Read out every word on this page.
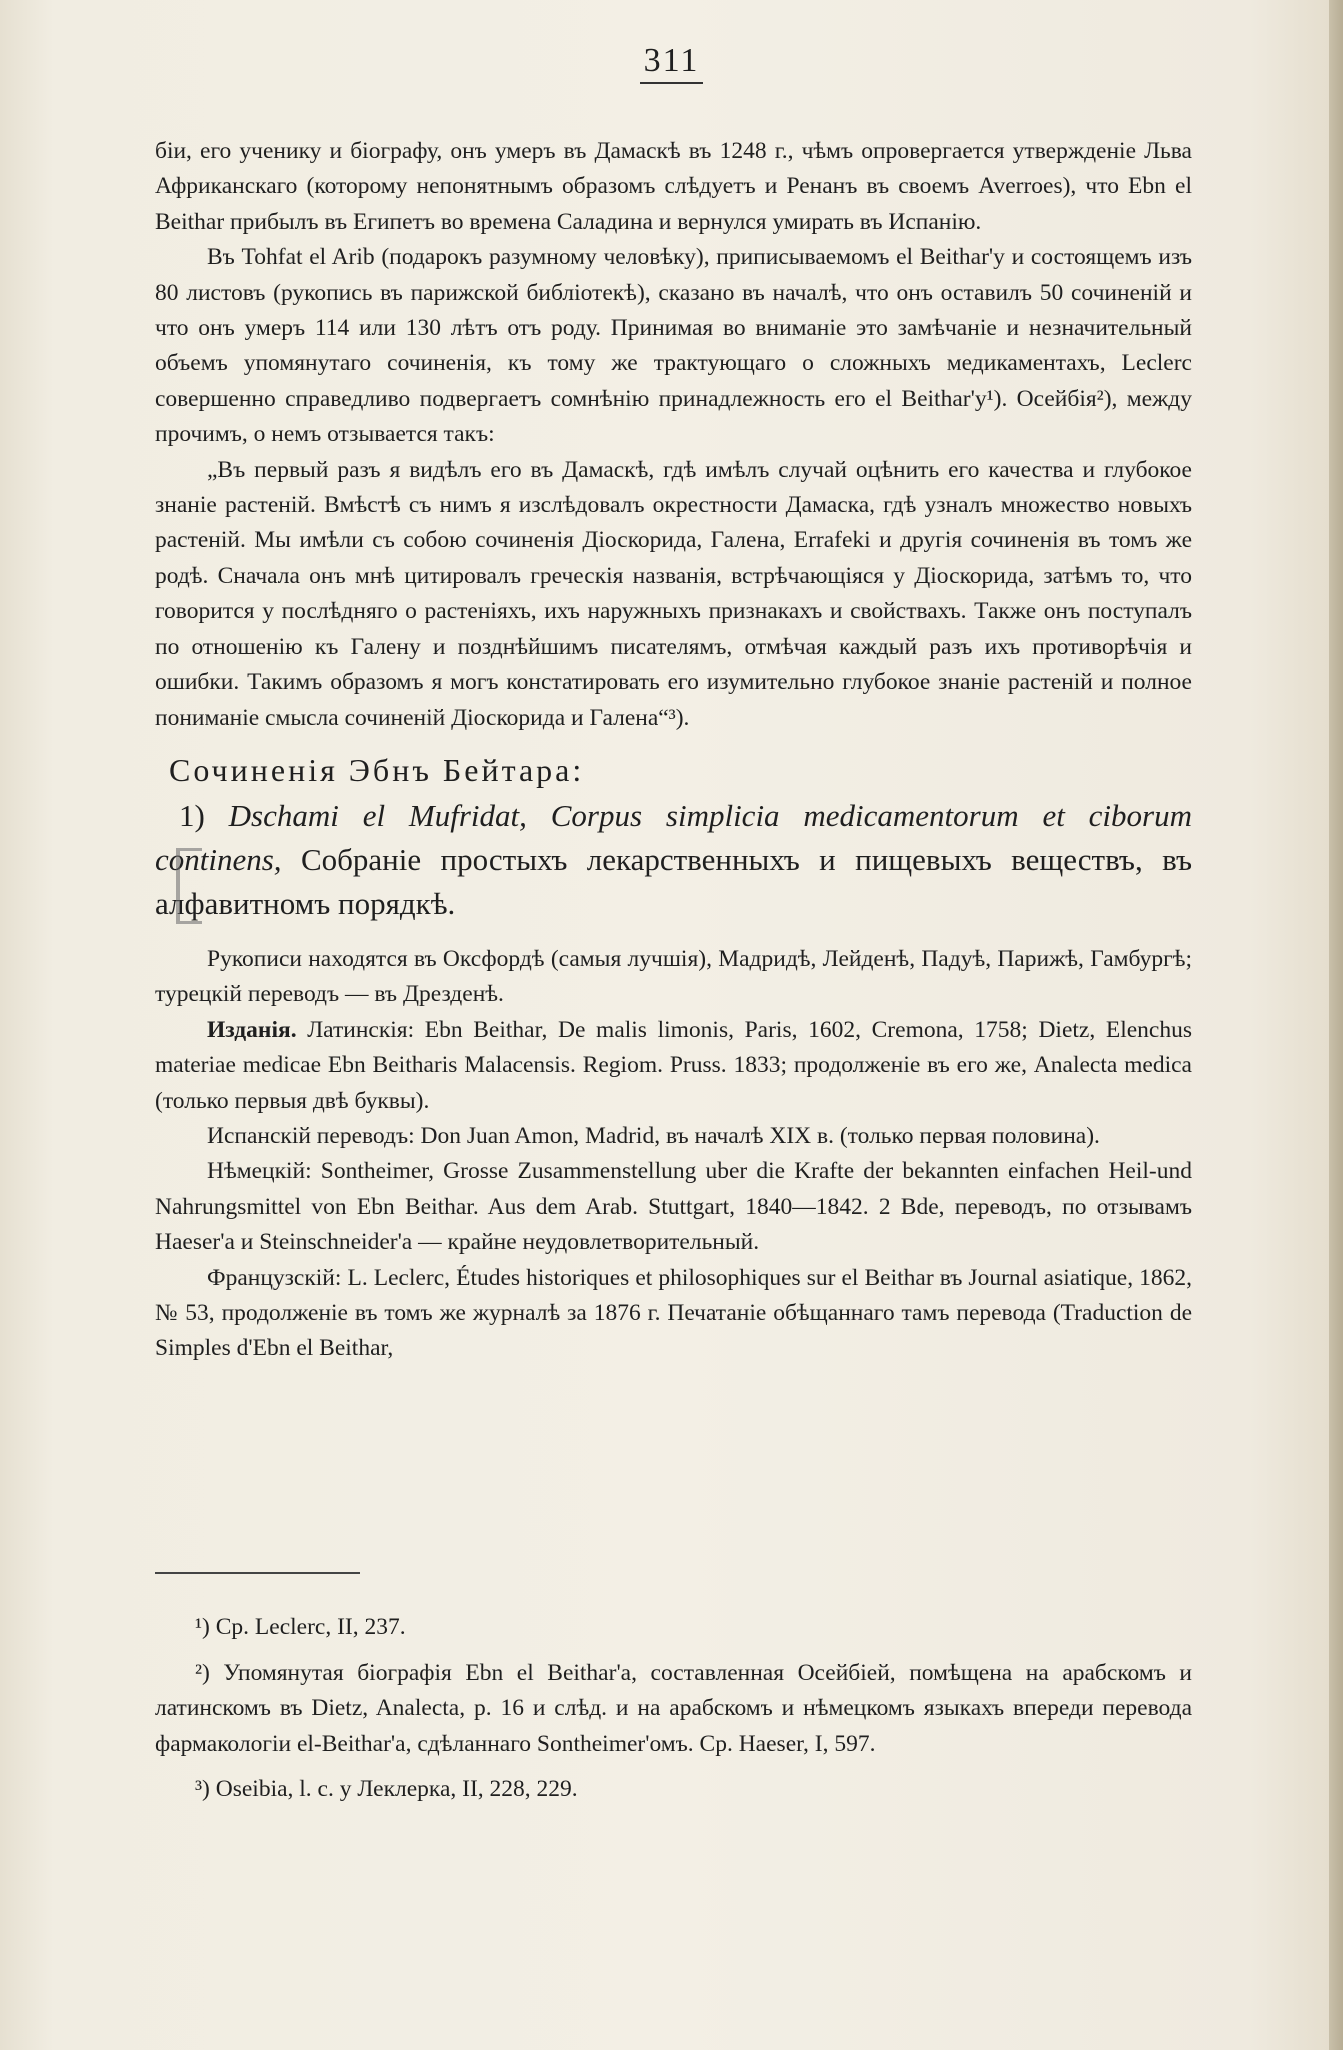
311

бiи, его ученику и бiографу, онъ умеръ въ Дамаскѣ въ 1248 г., чѣмъ опровергается утвержденiе Льва Африканскаго (которому непонятнымъ образомъ слѣдуетъ и Ренанъ въ своемъ Averroes), что Ebn el Beithar прибылъ въ Египетъ во времена Саладина и вернулся умирать въ Испанiю.

Въ Tohfat el Arib (подарокъ разумному человѣку), приписываемомъ el Beithar'у и состоящемъ изъ 80 листовъ (рукопись въ парижской библiотекѣ), сказано въ началѣ, что онъ оставилъ 50 сочиненiй и что онъ умеръ 114 или 130 лѣтъ отъ роду. Принимая во вниманiе это замѣчанiе и незначительный объемъ упомянутаго сочиненiя, къ тому же трактующаго о сложныхъ медикаментахъ, Leclerc совершенно справедливо подвергаетъ сомнѣнiю принадлежность его el Beithar'у¹). Осейбiя²), между прочимъ, о немъ отзывается такъ:

„Въ первый разъ я видѣлъ его въ Дамаскѣ, гдѣ имѣлъ случай оцѣнить его качества и глубокое знанiе растенiй. Вмѣстѣ съ нимъ я изслѣдовалъ окрестности Дамаска, гдѣ узналъ множество новыхъ растенiй. Мы имѣли съ собою сочиненiя Дiоскорида, Галена, Errafeki и другiя сочиненiя въ томъ же родѣ. Сначала онъ мнѣ цитировалъ греческiя названiя, встрѣчающiяся у Дiоскорида, затѣмъ то, что говорится у послѣдняго о растенiяхъ, ихъ наружныхъ признакахъ и свойствахъ. Также онъ поступалъ по отношенiю къ Галену и позднѣйшимъ писателямъ, отмѣчая каждый разъ ихъ противорѣчiя и ошибки. Такимъ образомъ я могъ констатировать его изумительно глубокое знанiе растенiй и полное пониманiе смысла сочиненiй Дiоскорида и Галена“³).

Сочиненiя Эбнъ Бейтара:

1) Dschami el Mufridat, Corpus simplicia medicamentorum et ciborum continens, Собранiе простыхъ лекарственныхъ и пищевыхъ веществъ, въ алфавитномъ порядкѣ.

Рукописи находятся въ Оксфордѣ (самыя лучшiя), Мадридѣ, Лейденѣ, Падуѣ, Парижѣ, Гамбургѣ; турецкiй переводъ — въ Дрезденѣ.

Изданiя. Латинскiя: Ebn Beithar, De malis limonis, Paris, 1602, Cremona, 1758; Dietz, Elenchus materiae medicae Ebn Beitharis Malacensis. Regiom. Pruss. 1833; продолженiе въ его же, Analecta medica (только первыя двѣ буквы).

Испанскiй переводъ: Don Juan Amon, Madrid, въ началѣ XIX в. (только первая половина).

Нѣмецкiй: Sontheimer, Grosse Zusammenstellung uber die Krafte der bekannten einfachen Heil-und Nahrungsmittel von Ebn Beithar. Aus dem Arab. Stuttgart, 1840—1842. 2 Bde, переводъ, по отзывамъ Haeser'a и Steinschneider'a — крайне неудовлетворительный.

Французскiй: L. Leclerc, Études historiques et philosophiques sur el Beithar въ Journal asiatique, 1862, № 53, продолженiе въ томъ же журналѣ за 1876 г. Печатанiе обѣщаннаго тамъ перевода (Traduction de Simples d'Ebn el Beithar,

¹) Ср. Leclerc, II, 237.

²) Упомянутая бiографiя Ebn el Beithar'a, составленная Осейбiей, помѣщена на арабскомъ и латинскомъ въ Dietz, Analecta, p. 16 и слѣд. и на арабскомъ и нѣмецкомъ языкахъ впереди перевода фармакологiи el-Beithar'a, сдѣланнаго Sontheimer'омъ. Ср. Haeser, I, 597.

³) Oseibia, l. c. у Леклерка, II, 228, 229.
